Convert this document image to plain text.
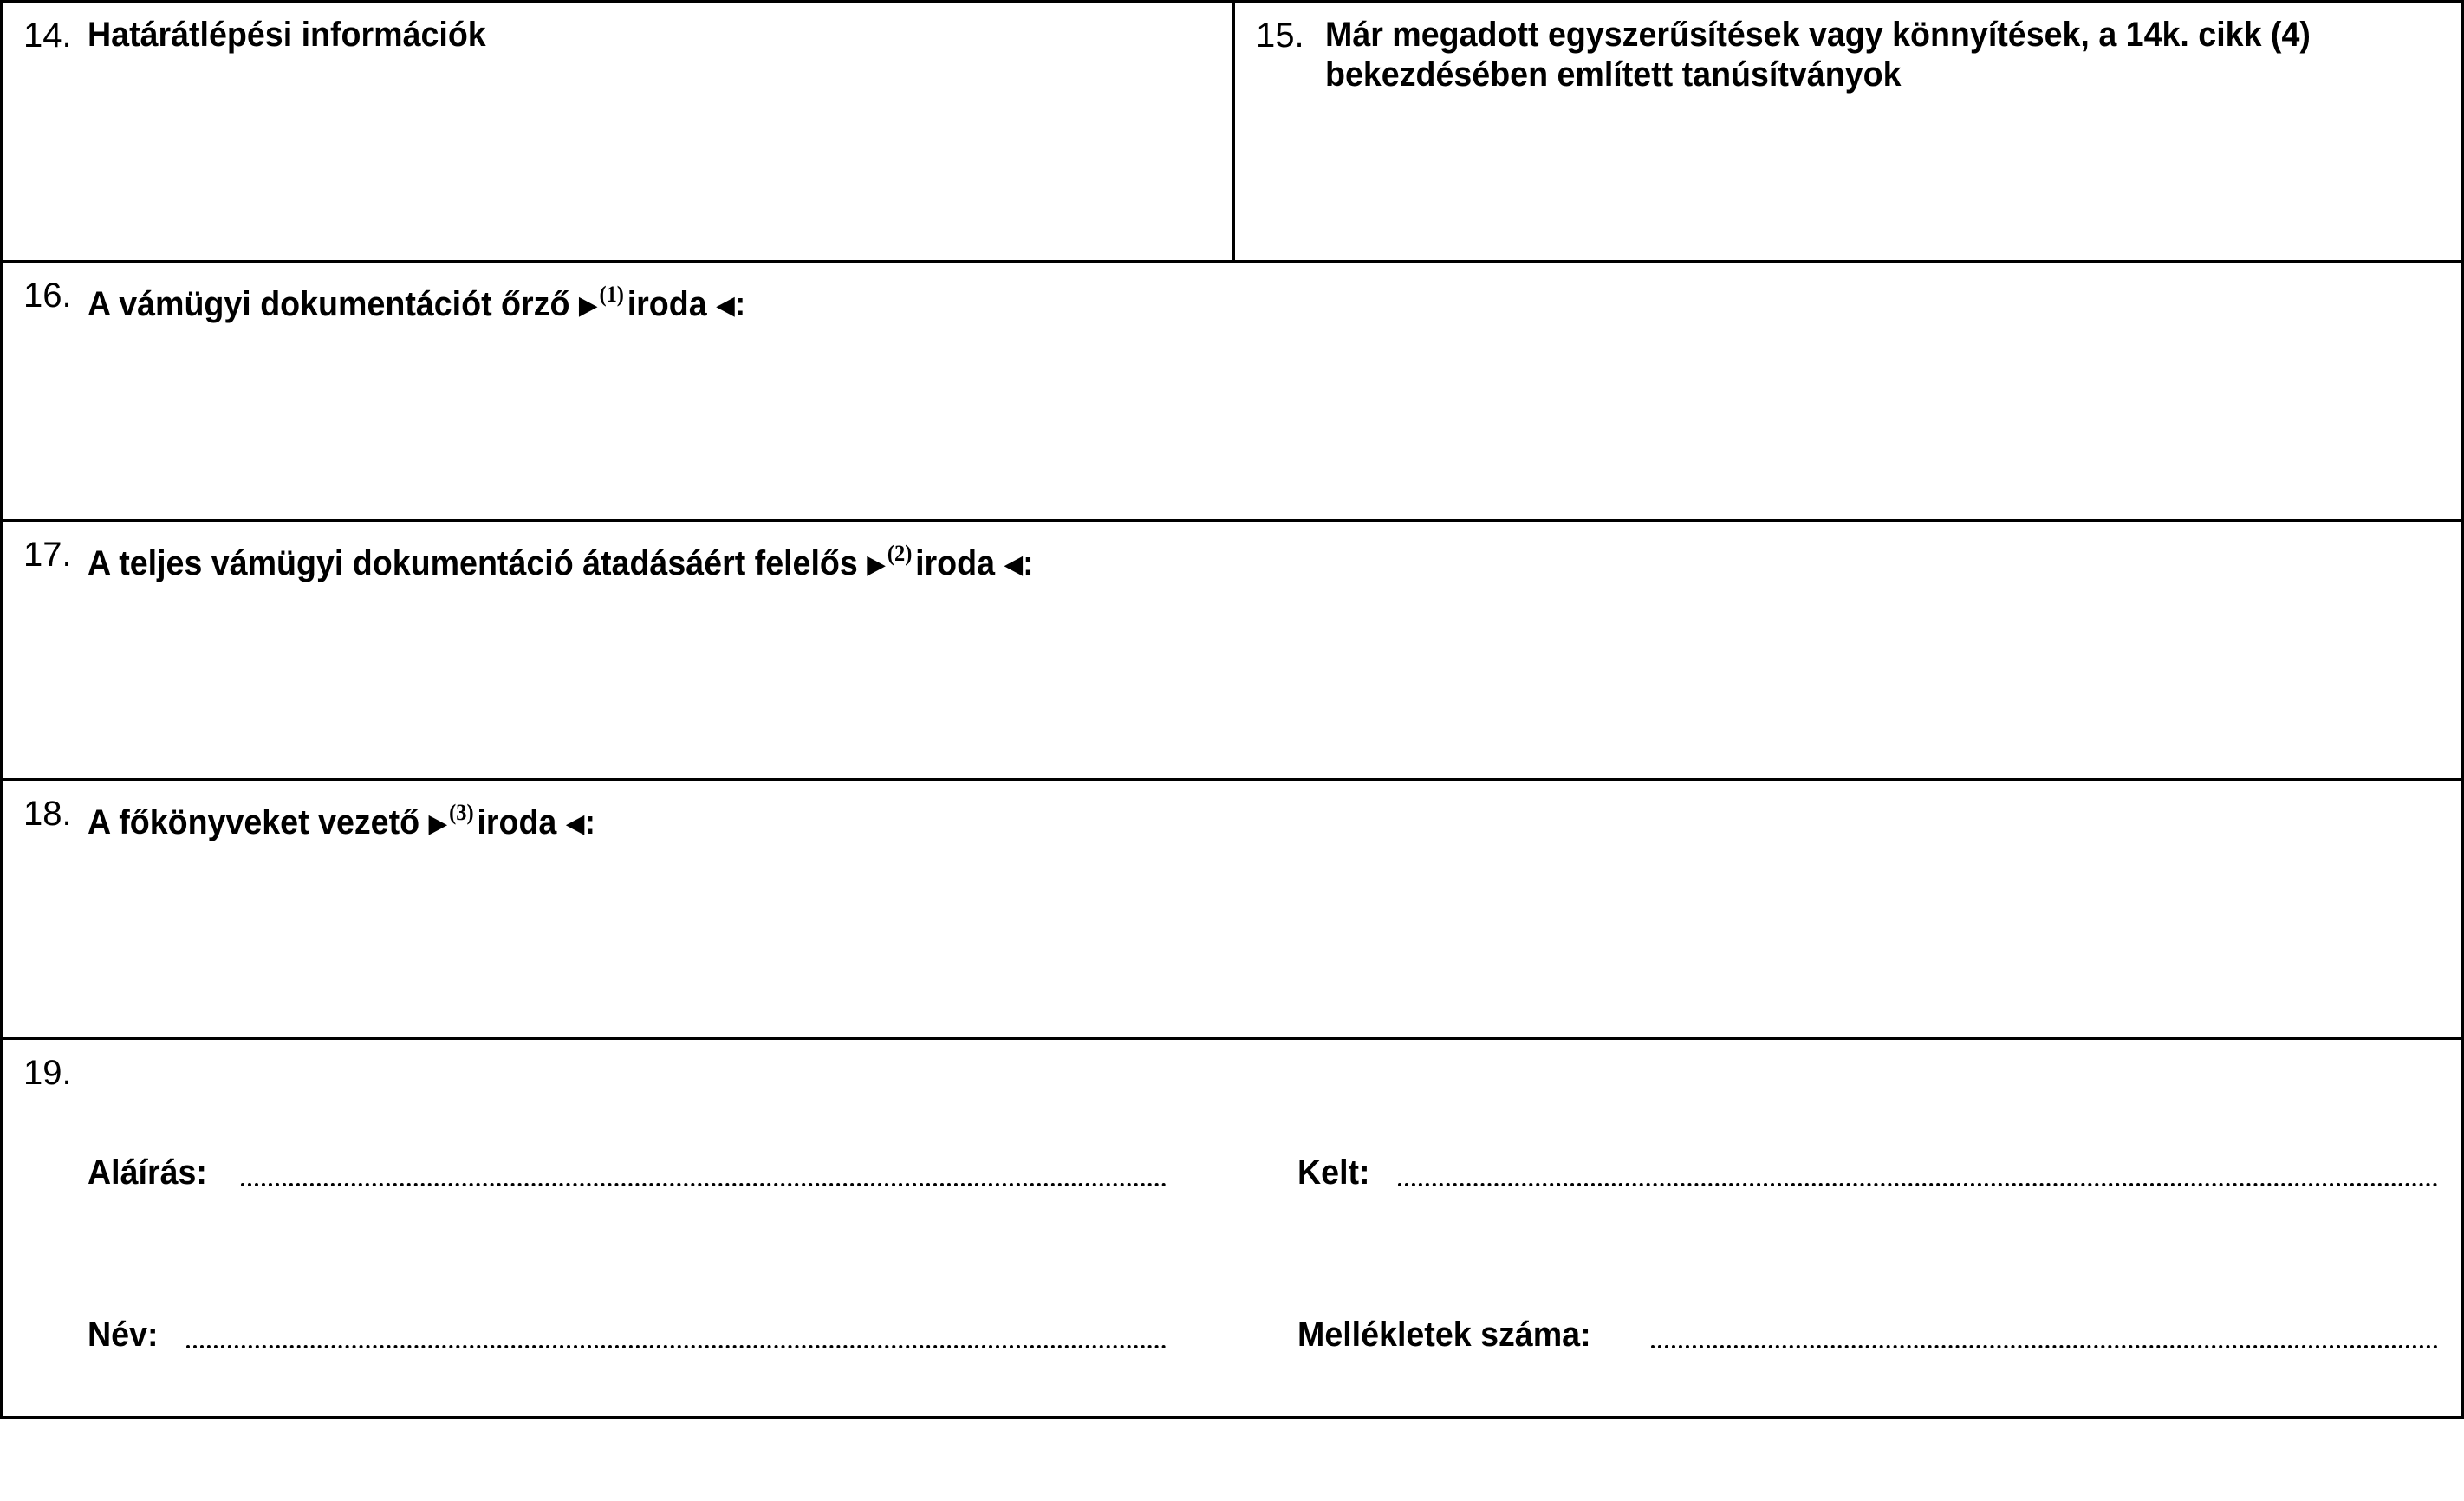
14. Határátlépési információk	15. Már megadott egyszerűsítések vagy könnyítések, a 14k. cikk (4) bekezdésében említett tanúsítványok
16. A vámügyi dokumentációt őrző ▶$^{(1)}$iroda ◀:
17. A teljes vámügyi dokumentáció átadásáért felelős ▶$^{(2)}$iroda ◀:
18. A főkönyveket vezető ▶$^{(3)}$iroda ◀:
19.
Aláírás:	Kelt:
Név:	Mellékletek száma:
